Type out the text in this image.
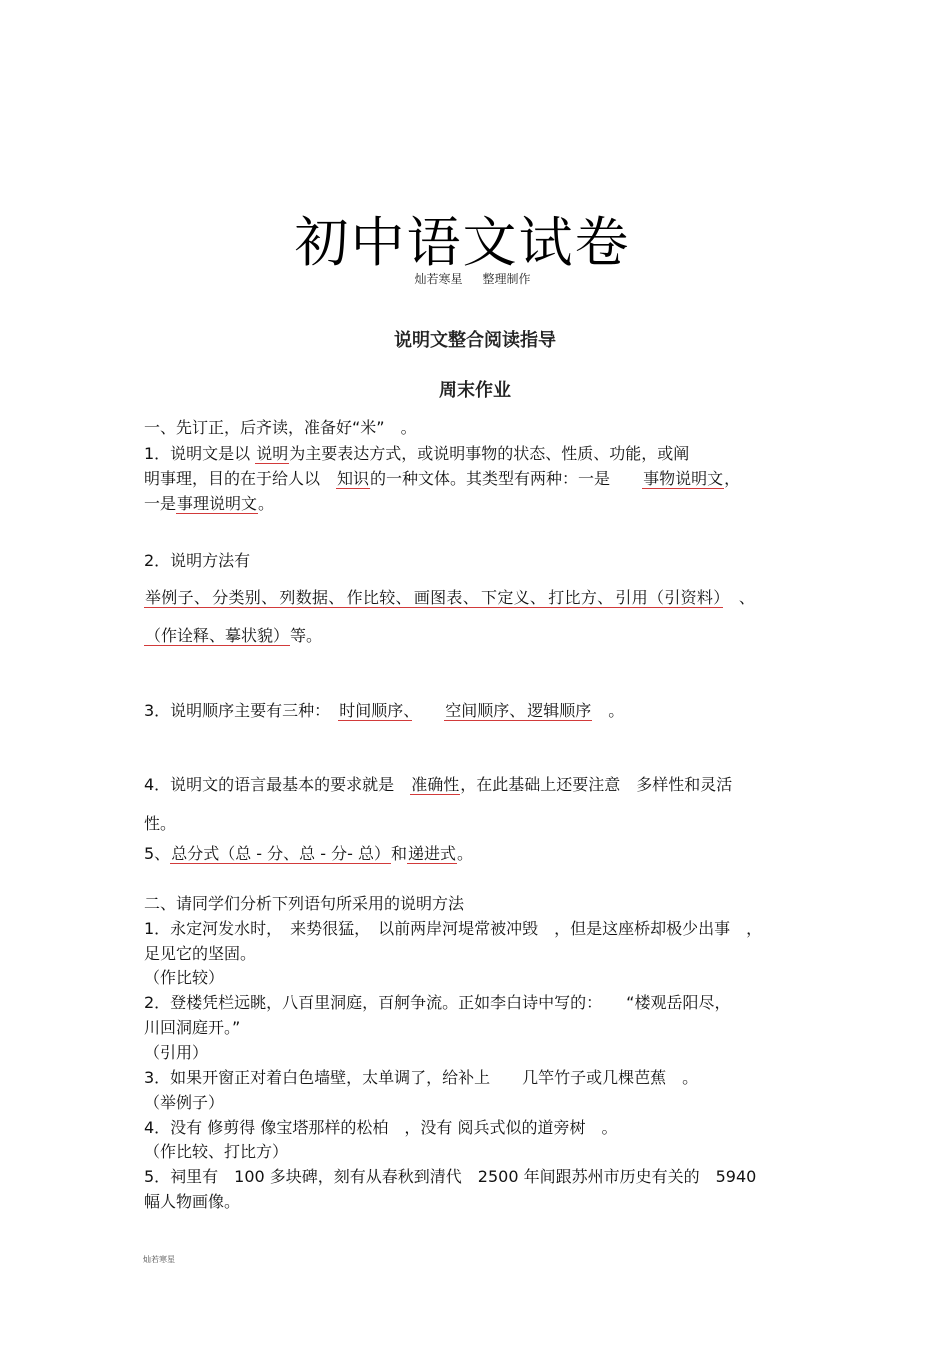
初中语文试卷
灿若寒星 整理制作
说明文整合阅读指导
周末作业
一、先订正，后齐读，准备好“米”　。
1．说明文是以 说明为主要表达方式，或说明事物的状态、性质、功能，或阐
明事理，目的在于给人以　 知识的一种文体。其类型有两种：一是　　 事物说明文，
一是事理说明文。
2．说明方法有
举例子、 分类别、 列数据、 作比较、 画图表、 下定义、 打比方、 引用（引资料）　 、
（作诠释、摹状貌）等。
3．说明顺序主要有三种：　 时间顺序、　　 空间顺序、 逻辑顺序　 。
4．说明文的语言最基本的要求就是　 准确性，在此基础上还要注意　 多样性和灵活
性。
5、总分式（总 - 分、总 - 分- 总）和递进式。
二、请同学们分析下列语句所采用的说明方法
1．永定河发水时，　来势很猛，　以前两岸河堤常被冲毁　，但是这座桥却极少出事　，
足见它的坚固。
（作比较）
2．登楼凭栏远眺，八百里洞庭，百舸争流。正如李白诗中写的：　　“楼观岳阳尽，
川回洞庭开。”
（引用）
3．如果开窗正对着白色墙壁，太单调了，给补上　　几竿竹子或几棵芭蕉　。
（举例子）
4．没有 修剪得 像宝塔那样的松柏　，没有 阅兵式似的道旁树　。
（作比较、打比方）
5．祠里有　100 多块碑，刻有从春秋到清代　2500 年间跟苏州市历史有关的　5940
幅人物画像。
灿若寒星
